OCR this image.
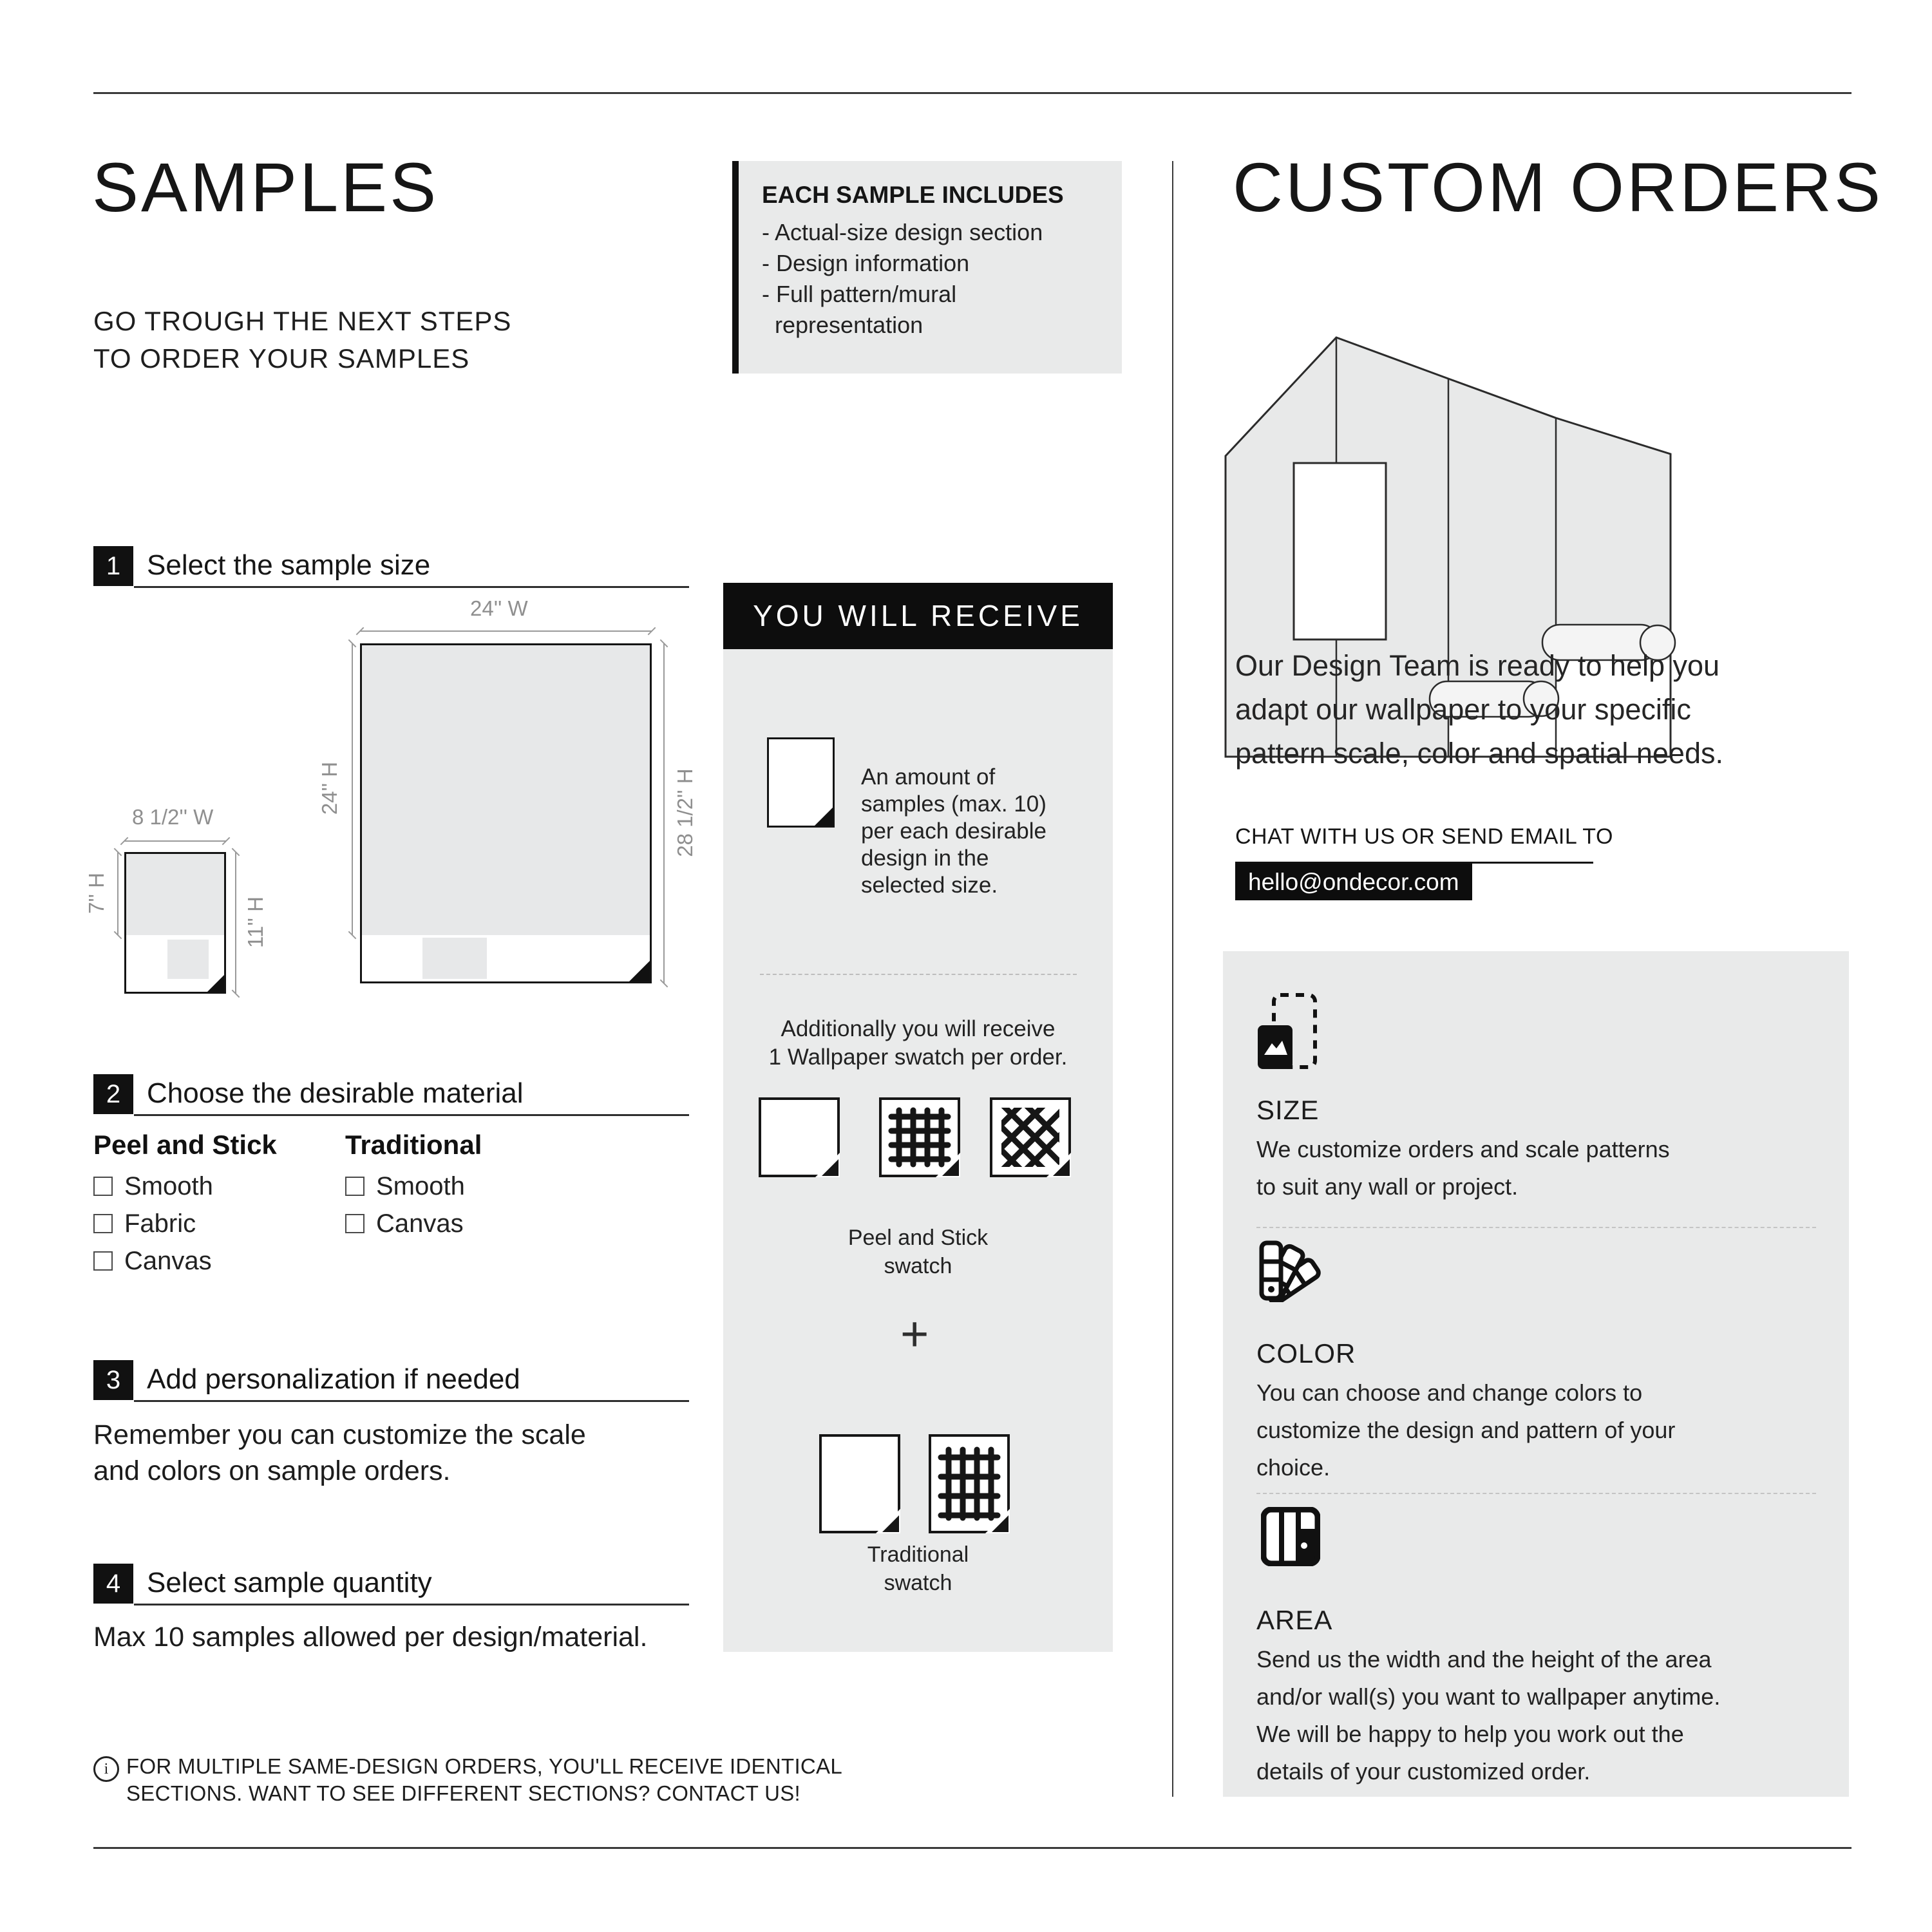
SAMPLES
GO TROUGH THE NEXT STEPS
TO ORDER YOUR SAMPLES
1 Select the sample size
24'' W
24'' H	28 1/2'' H
8 1/2'' W
7'' H
11'' H
2 Choose the desirable material
Peel and Stick	Traditional
Smooth
Fabric
Canvas
Smooth
Canvas
3 Add personalization if needed
Remember you can customize the scale
and colors on sample orders.
4 Select sample quantity
Max 10 samples allowed per design/material.
i
FOR MULTIPLE SAME-DESIGN ORDERS, YOU'LL RECEIVE IDENTICAL
SECTIONS. WANT TO SEE DIFFERENT SECTIONS? CONTACT US!
EACH SAMPLE INCLUDES
- Actual-size design section
- Design information
- Full pattern/mural
representation
YOU WILL RECEIVE
An amount of
samples (max. 10)
per each desirable
design in the
selected size.
Additionally you will receive
1 Wallpaper swatch per order.
Peel and Stick
swatch
+
Traditional
swatch
CUSTOM ORDERS
Our Design Team is ready to help you
adapt our wallpaper to your specific
pattern scale, color and spatial needs.
CHAT WITH US OR SEND EMAIL TO
hello@ondecor.com
SIZE
We customize orders and scale patterns
to suit any wall or project.
COLOR
You can choose and change colors to
customize the design and pattern of your
choice.
AREA
Send us the width and the height of the area
and/or wall(s) you want to wallpaper anytime.
We will be happy to help you work out the
details of your customized order.
